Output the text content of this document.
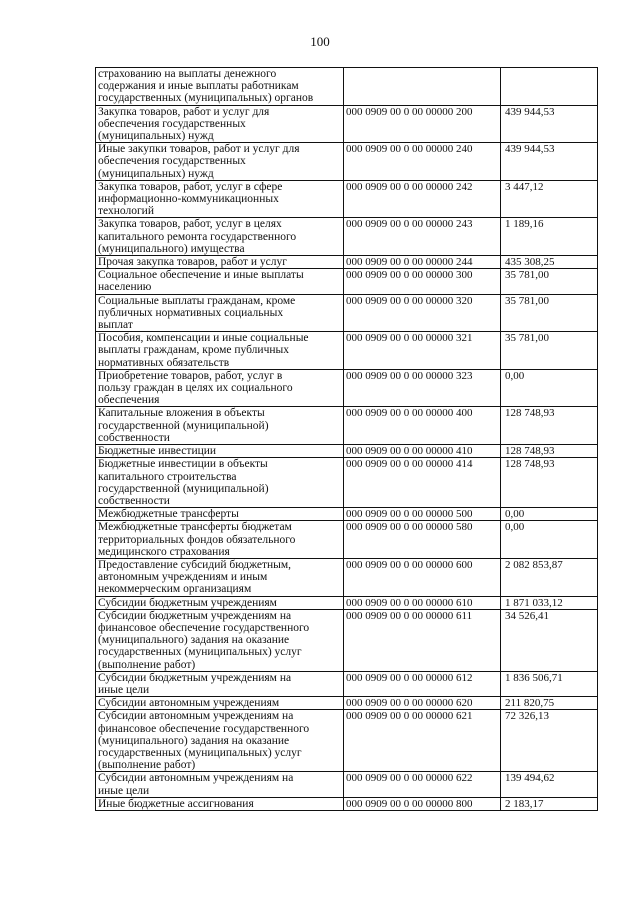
100
страхованию на выплаты денежного
содержания и иные выплаты работникам
государственных (муниципальных) органов		
Закупка товаров, работ и услуг для
обеспечения государственных
(муниципальных) нужд	000 0909 00 0 00 00000 200	439 944,53
Иные закупки товаров, работ и услуг для
обеспечения государственных
(муниципальных) нужд	000 0909 00 0 00 00000 240	439 944,53
Закупка товаров, работ, услуг в сфере
информационно-коммуникационных
технологий	000 0909 00 0 00 00000 242	3 447,12
Закупка товаров, работ, услуг в целях
капитального ремонта государственного
(муниципального) имущества	000 0909 00 0 00 00000 243	1 189,16
Прочая закупка товаров, работ и услуг	000 0909 00 0 00 00000 244	435 308,25
Социальное обеспечение и иные выплаты
населению	000 0909 00 0 00 00000 300	35 781,00
Социальные выплаты гражданам, кроме
публичных нормативных социальных
выплат	000 0909 00 0 00 00000 320	35 781,00
Пособия, компенсации и иные социальные
выплаты гражданам, кроме публичных
нормативных обязательств	000 0909 00 0 00 00000 321	35 781,00
Приобретение товаров, работ, услуг в
пользу граждан в целях их социального
обеспечения	000 0909 00 0 00 00000 323	0,00
Капитальные вложения в объекты
государственной (муниципальной)
собственности	000 0909 00 0 00 00000 400	128 748,93
Бюджетные инвестиции	000 0909 00 0 00 00000 410	128 748,93
Бюджетные инвестиции в объекты
капитального строительства
государственной (муниципальной)
собственности	000 0909 00 0 00 00000 414	128 748,93
Межбюджетные трансферты	000 0909 00 0 00 00000 500	0,00
Межбюджетные трансферты бюджетам
территориальных фондов обязательного
медицинского страхования	000 0909 00 0 00 00000 580	0,00
Предоставление субсидий бюджетным,
автономным учреждениям и иным
некоммерческим организациям	000 0909 00 0 00 00000 600	2 082 853,87
Субсидии бюджетным учреждениям	000 0909 00 0 00 00000 610	1 871 033,12
Субсидии бюджетным учреждениям на
финансовое обеспечение государственного
(муниципального) задания на оказание
государственных (муниципальных) услуг
(выполнение работ)	000 0909 00 0 00 00000 611	34 526,41
Субсидии бюджетным учреждениям на
иные цели	000 0909 00 0 00 00000 612	1 836 506,71
Субсидии автономным учреждениям	000 0909 00 0 00 00000 620	211 820,75
Субсидии автономным учреждениям на
финансовое обеспечение государственного
(муниципального) задания на оказание
государственных (муниципальных) услуг
(выполнение работ)	000 0909 00 0 00 00000 621	72 326,13
Субсидии автономным учреждениям на
иные цели	000 0909 00 0 00 00000 622	139 494,62
Иные бюджетные ассигнования	000 0909 00 0 00 00000 800	2 183,17
